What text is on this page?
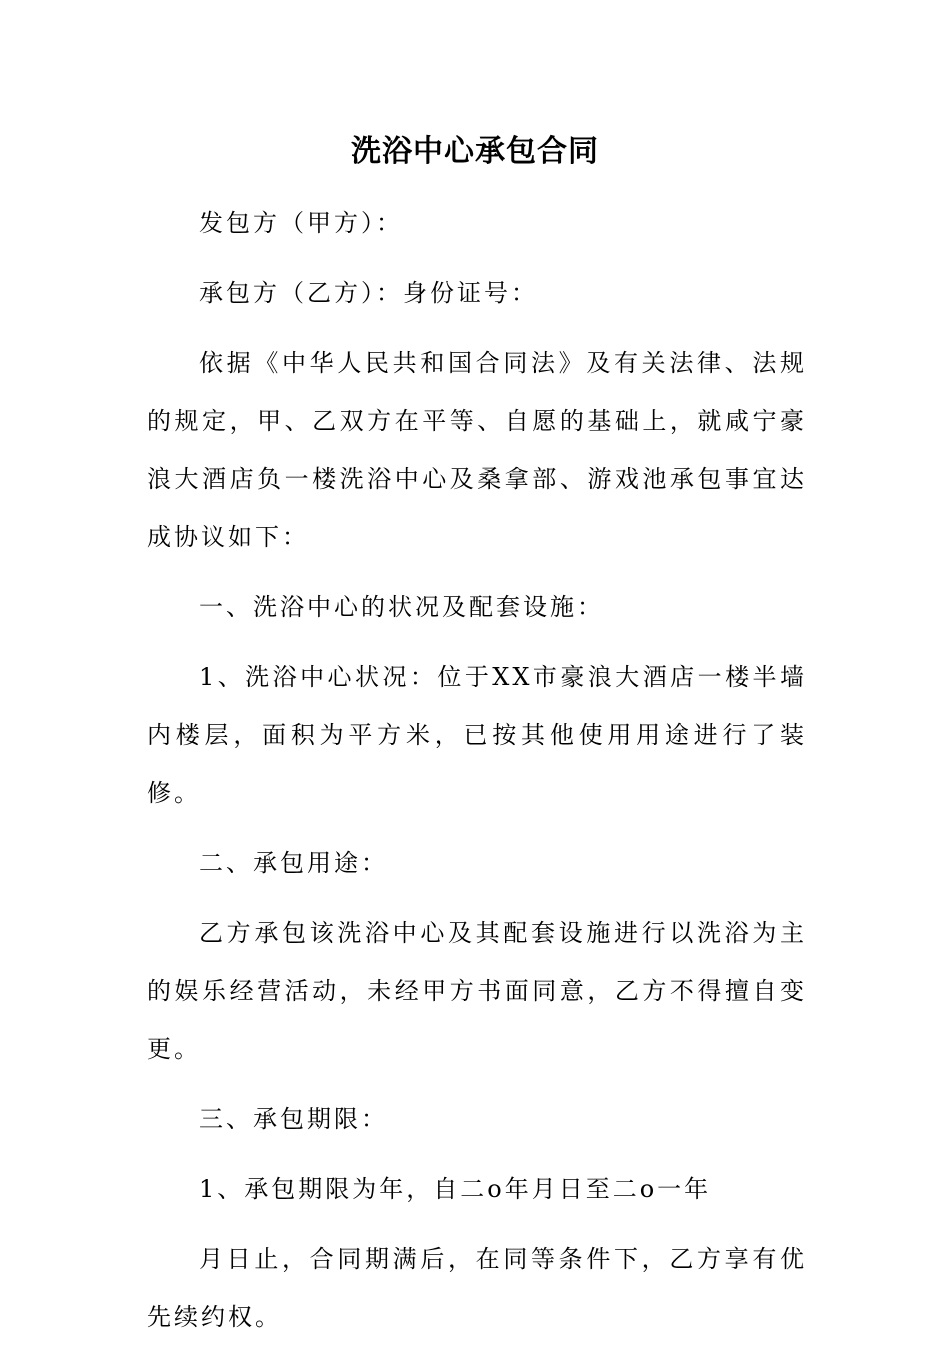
洗浴中心承包合同

发包方（甲方）：

承包方（乙方）：身份证号：

依据《中华人民共和国合同法》及有关法律、法规的规定，甲、乙双方在平等、自愿的基础上，就咸宁豪浪大酒店负一楼洗浴中心及桑拿部、游戏池承包事宜达成协议如下：

一、洗浴中心的状况及配套设施：

1、洗浴中心状况：位于XX市豪浪大酒店一楼半墙内楼层，面积为平方米，已按其他使用用途进行了装修。

二、承包用途：

乙方承包该洗浴中心及其配套设施进行以洗浴为主的娱乐经营活动，未经甲方书面同意，乙方不得擅自变更。

三、承包期限：

1、承包期限为年，自二o年月日至二o一年

月日止，合同期满后，在同等条件下，乙方享有优先续约权。
